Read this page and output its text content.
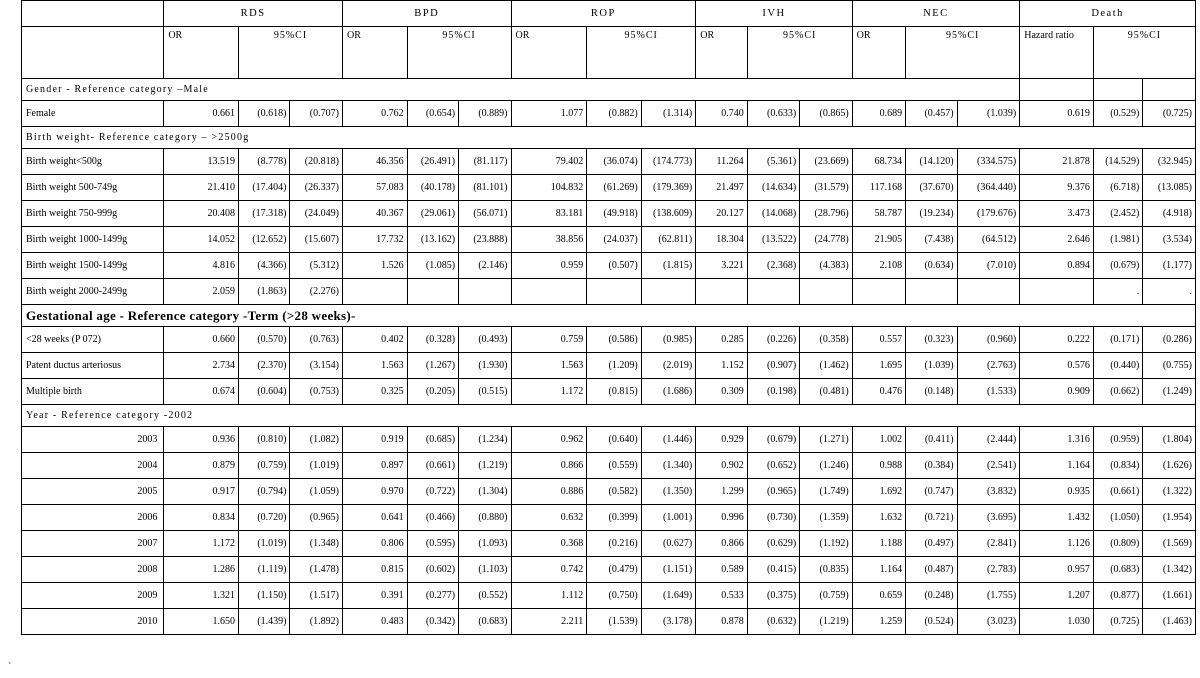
	RDS			BPD			ROP			IVH			NEC			Death		
	OR	95%CI		OR	95%CI		OR	95%CI		OR	95%CI		OR	95%CI		Hazard ratio	95%CI	
Gender - Reference category –Male																		
Female	0.661	(0.618)	(0.707)	0.762	(0.654)	(0.889)	1.077	(0.882)	(1.314)	0.740	(0.633)	(0.865)	0.689	(0.457)	(1.039)	0.619	(0.529)	(0.725)
Birth weight- Reference category – >2500g																		
Birth weight<500g	13.519	(8.778)	(20.818)	46.356	(26.491)	(81.117)	79.402	(36.074)	(174.773)	11.264	(5.361)	(23.669)	68.734	(14.120)	(334.575)	21.878	(14.529)	(32.945)
Birth weight 500-749g	21.410	(17.404)	(26.337)	57.083	(40.178)	(81.101)	104.832	(61.269)	(179.369)	21.497	(14.634)	(31.579)	117.168	(37.670)	(364.440)	9.376	(6.718)	(13.085)
Birth weight 750-999g	20.408	(17.318)	(24.049)	40.367	(29.061)	(56.071)	83.181	(49.918)	(138.609)	20.127	(14.068)	(28.796)	58.787	(19.234)	(179.676)	3.473	(2.452)	(4.918)
Birth weight 1000-1499g	14.052	(12.652)	(15.607)	17.732	(13.162)	(23.888)	38.856	(24.037)	(62.811)	18.304	(13.522)	(24.778)	21.905	(7.438)	(64.512)	2.646	(1.981)	(3.534)
Birth weight 1500-1499g	4.816	(4.366)	(5.312)	1.526	(1.085)	(2.146)	0.959	(0.507)	(1.815)	3.221	(2.368)	(4.383)	2.108	(0.634)	(7.010)	0.894	(0.679)	(1.177)
Birth weight 2000-2499g	2.059	(1.863)	(2.276)														.	.
Gestational age - Reference category -Term (>28 weeks)-																		
<28 weeks (P 072)	0.660	(0.570)	(0.763)	0.402	(0.328)	(0.493)	0.759	(0.586)	(0.985)	0.285	(0.226)	(0.358)	0.557	(0.323)	(0.960)	0.222	(0.171)	(0.286)
Patent ductus arteriosus	2.734	(2.370)	(3.154)	1.563	(1.267)	(1.930)	1.563	(1.209)	(2.019)	1.152	(0.907)	(1.462)	1.695	(1.039)	(2.763)	0.576	(0.440)	(0.755)
Multiple birth	0.674	(0.604)	(0.753)	0.325	(0.205)	(0.515)	1.172	(0.815)	(1.686)	0.309	(0.198)	(0.481)	0.476	(0.148)	(1.533)	0.909	(0.662)	(1.249)
Year - Reference category -2002																		
2003	0.936	(0.810)	(1.082)	0.919	(0.685)	(1.234)	0.962	(0.640)	(1.446)	0.929	(0.679)	(1.271)	1.002	(0.411)	(2.444)	1.316	(0.959)	(1.804)
2004	0.879	(0.759)	(1.019)	0.897	(0.661)	(1.219)	0.866	(0.559)	(1.340)	0.902	(0.652)	(1.246)	0.988	(0.384)	(2.541)	1.164	(0.834)	(1.626)
2005	0.917	(0.794)	(1.059)	0.970	(0.722)	(1.304)	0.886	(0.582)	(1.350)	1.299	(0.965)	(1.749)	1.692	(0.747)	(3.832)	0.935	(0.661)	(1.322)
2006	0.834	(0.720)	(0.965)	0.641	(0.466)	(0.880)	0.632	(0.399)	(1.001)	0.996	(0.730)	(1.359)	1.632	(0.721)	(3.695)	1.432	(1.050)	(1.954)
2007	1.172	(1.019)	(1.348)	0.806	(0.595)	(1.093)	0.368	(0.216)	(0.627)	0.866	(0.629)	(1.192)	1.188	(0.497)	(2.841)	1.126	(0.809)	(1.569)
2008	1.286	(1.119)	(1.478)	0.815	(0.602)	(1.103)	0.742	(0.479)	(1.151)	0.589	(0.415)	(0.835)	1.164	(0.487)	(2.783)	0.957	(0.683)	(1.342)
2009	1.321	(1.150)	(1.517)	0.391	(0.277)	(0.552)	1.112	(0.750)	(1.649)	0.533	(0.375)	(0.759)	0.659	(0.248)	(1.755)	1.207	(0.877)	(1.661)
2010	1.650	(1.439)	(1.892)	0.483	(0.342)	(0.683)	2.211	(1.539)	(3.178)	0.878	(0.632)	(1.219)	1.259	(0.524)	(3.023)	1.030	(0.725)	(1.463)
`
